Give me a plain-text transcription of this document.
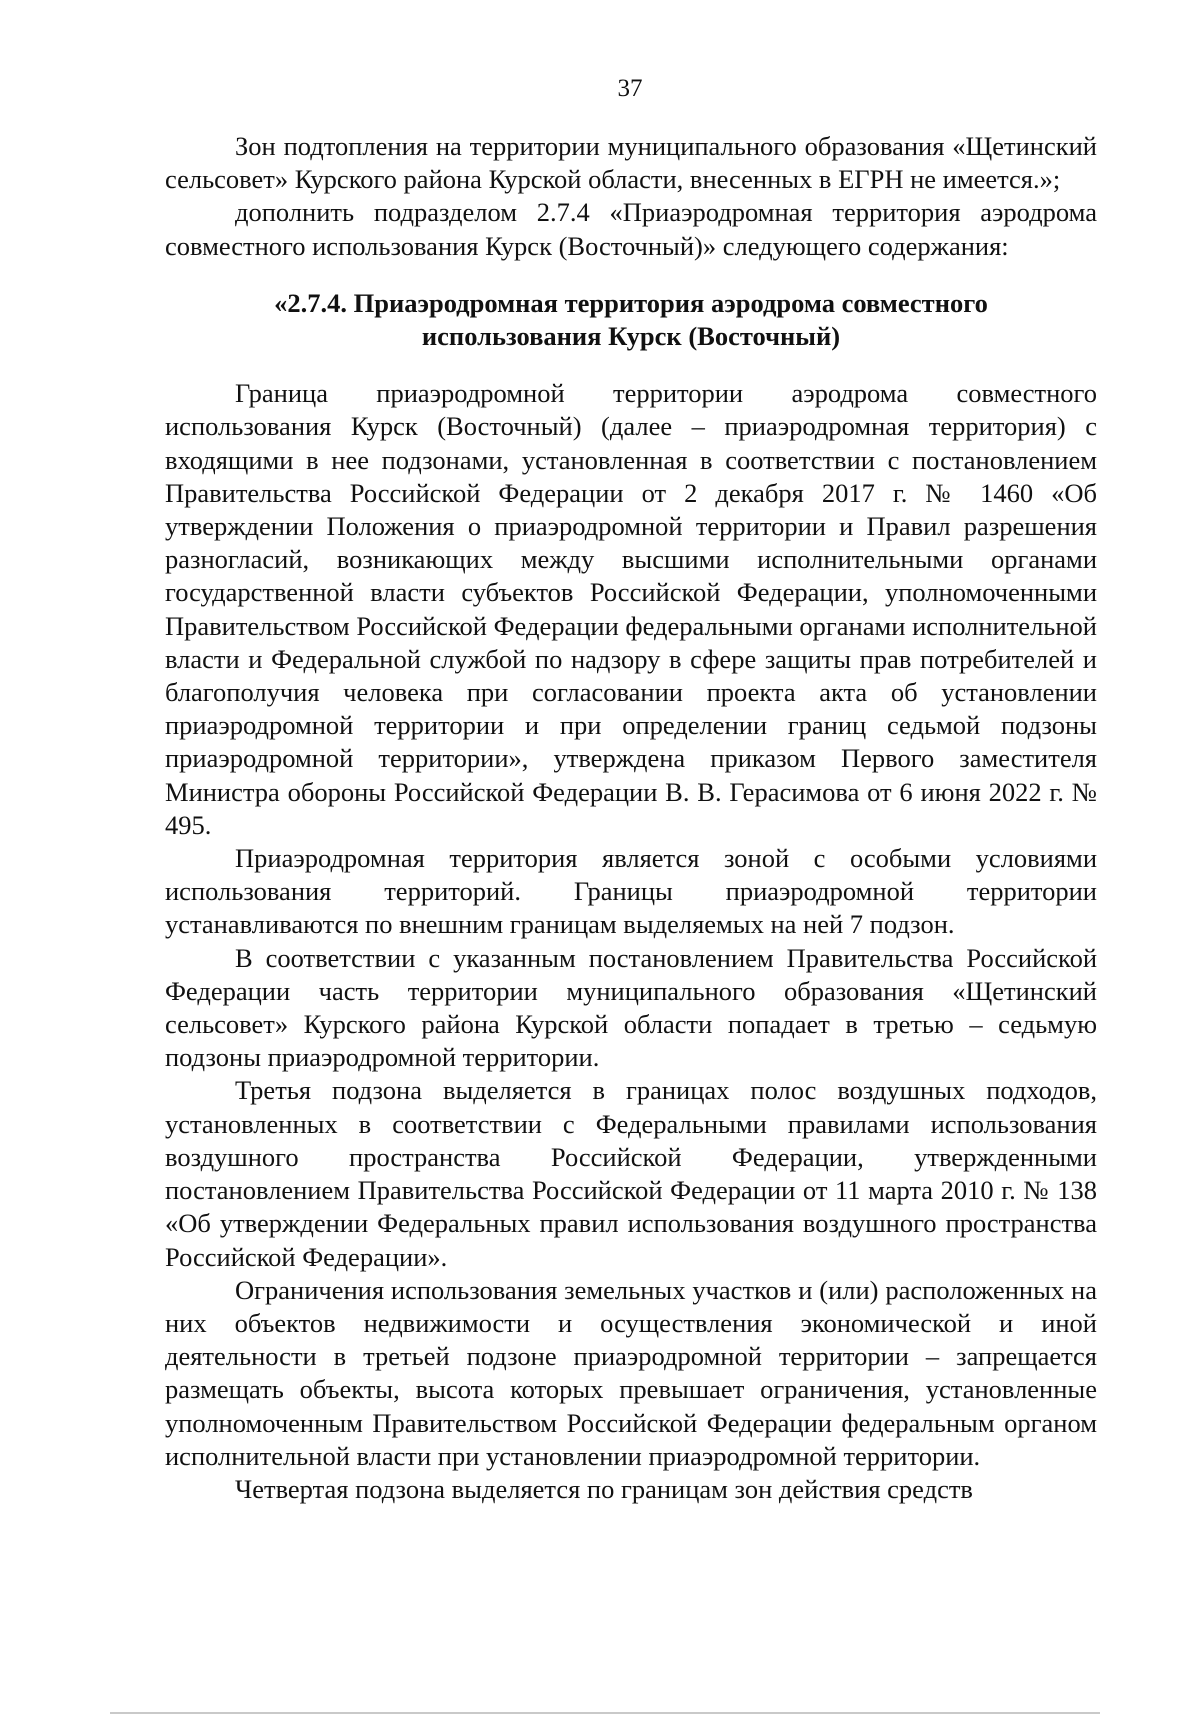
37

Зон подтопления на территории муниципального образования «Щетинский сельсовет» Курского района Курской области, внесенных в ЕГРН не имеется.»;

дополнить подразделом 2.7.4 «Приаэродромная территория аэродрома совместного использования Курск (Восточный)» следующего содержания:

«2.7.4. Приаэродромная территория аэродрома совместного
использования Курск (Восточный)

Граница приаэродромной территории аэродрома совместного использования Курск (Восточный) (далее – приаэродромная территория) с входящими в нее подзонами, установленная в соответствии с постановлением Правительства Российской Федерации от 2 декабря 2017 г. № 1460 «Об утверждении Положения о приаэродромной территории и Правил разрешения разногласий, возникающих между высшими исполнительными органами государственной власти субъектов Российской Федерации, уполномоченными Правительством Российской Федерации федеральными органами исполнительной власти и Федеральной службой по надзору в сфере защиты прав потребителей и благополучия человека при согласовании проекта акта об установлении приаэродромной территории и при определении границ седьмой подзоны приаэродромной территории», утверждена приказом Первого заместителя Министра обороны Российской Федерации В. В. Герасимова от 6 июня 2022 г. № 495.

Приаэродромная территория является зоной с особыми условиями использования территорий. Границы приаэродромной территории устанавливаются по внешним границам выделяемых на ней 7 подзон.

В соответствии с указанным постановлением Правительства Российской Федерации часть территории муниципального образования «Щетинский сельсовет» Курского района Курской области попадает в третью – седьмую подзоны приаэродромной территории.

Третья подзона выделяется в границах полос воздушных подходов, установленных в соответствии с Федеральными правилами использования воздушного пространства Российской Федерации, утвержденными постановлением Правительства Российской Федерации от 11 марта 2010 г. № 138 «Об утверждении Федеральных правил использования воздушного пространства Российской Федерации».

Ограничения использования земельных участков и (или) расположенных на них объектов недвижимости и осуществления экономической и иной деятельности в третьей подзоне приаэродромной территории – запрещается размещать объекты, высота которых превышает ограничения, установленные уполномоченным Правительством Российской Федерации федеральным органом исполнительной власти при установлении приаэродромной территории.

Четвертая подзона выделяется по границам зон действия средств
